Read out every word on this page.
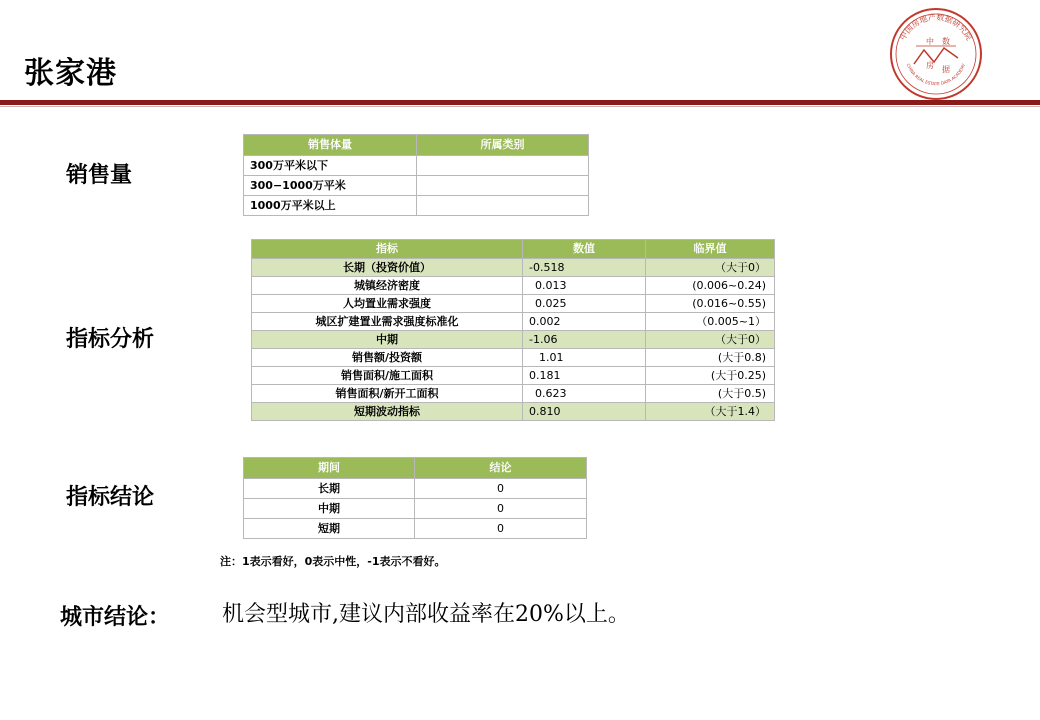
张家港
中国房地产数据研究院
CHINA REAL ESTATE DATA ACADEMY
中 数
房 据
销售量
销售体量	所属类别
300万平米以下	
300−1000万平米	
1000万平米以上	
指标分析
指标	数值	临界值
长期（投资价值）	-0.518	（大于0）
城镇经济密度	0.013	(0.006~0.24)
人均置业需求强度	0.025	(0.016~0.55)
城区扩建置业需求强度标准化	0.002	（0.005~1）
中期	-1.06	（大于0）
销售额/投资额	1.01	(大于0.8)
销售面积/施工面积	0.181	(大于0.25)
销售面积/新开工面积	0.623	(大于0.5)
短期波动指标	0.810	（大于1.4）
指标结论
期间	结论
长期	0
中期	0
短期	0
注：1表示看好，0表示中性，-1表示不看好。
城市结论： 机会型城市,建议内部收益率在20%以上。
